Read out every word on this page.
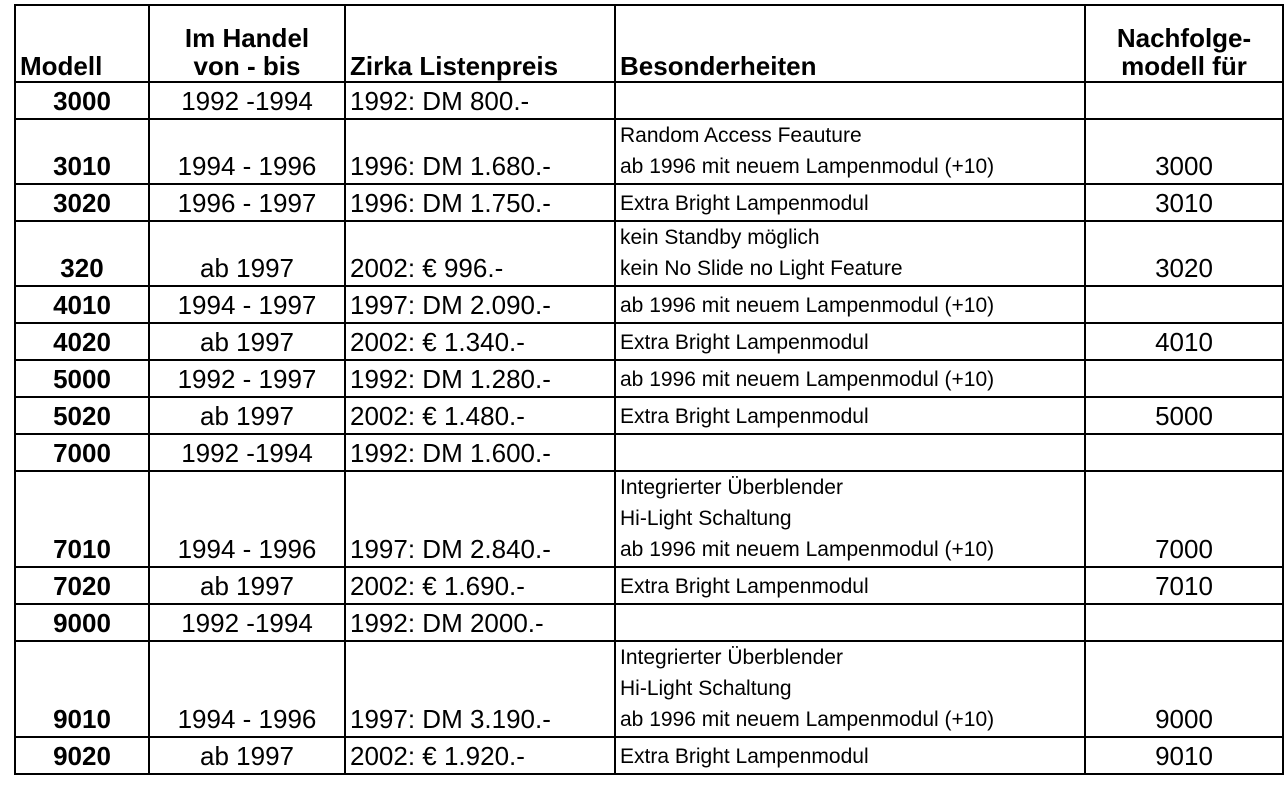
Modell	Im Handel von - bis	Zirka Listenpreis	Besonderheiten	Nachfolge-modell für
3000	1992 -1994	1992: DM 800.-		
3010	1994 - 1996	1996: DM 1.680.-	Random Access Feauture
ab 1996 mit neuem Lampenmodul (+10)	3000
3020	1996 - 1997	1996: DM 1.750.-	Extra Bright Lampenmodul	3010
320	ab 1997	2002: € 996.-	kein Standby möglich
kein No Slide no Light Feature	3020
4010	1994 - 1997	1997: DM 2.090.-	ab 1996 mit neuem Lampenmodul (+10)	

4020	ab 1997	2002: € 1.340.-	Extra Bright Lampenmodul	4010
5000	1992 - 1997	1992: DM 1.280.-	ab 1996 mit neuem Lampenmodul (+10)	

5020	ab 1997	2002: € 1.480.-	Extra Bright Lampenmodul	5000
7000	1992 -1994	1992: DM 1.600.-		
7010	1994 - 1996	1997: DM 2.840.-	Integrierter Überblender
Hi-Light Schaltung
ab 1996 mit neuem Lampenmodul (+10)	7000
7020	ab 1997	2002: € 1.690.-	Extra Bright Lampenmodul	7010
9000	1992 -1994	1992: DM 2000.-		
9010	1994 - 1996	1997: DM 3.190.-	Integrierter Überblender
Hi-Light Schaltung
ab 1996 mit neuem Lampenmodul (+10)	9000
9020	ab 1997	2002: € 1.920.-	Extra Bright Lampenmodul	9010
